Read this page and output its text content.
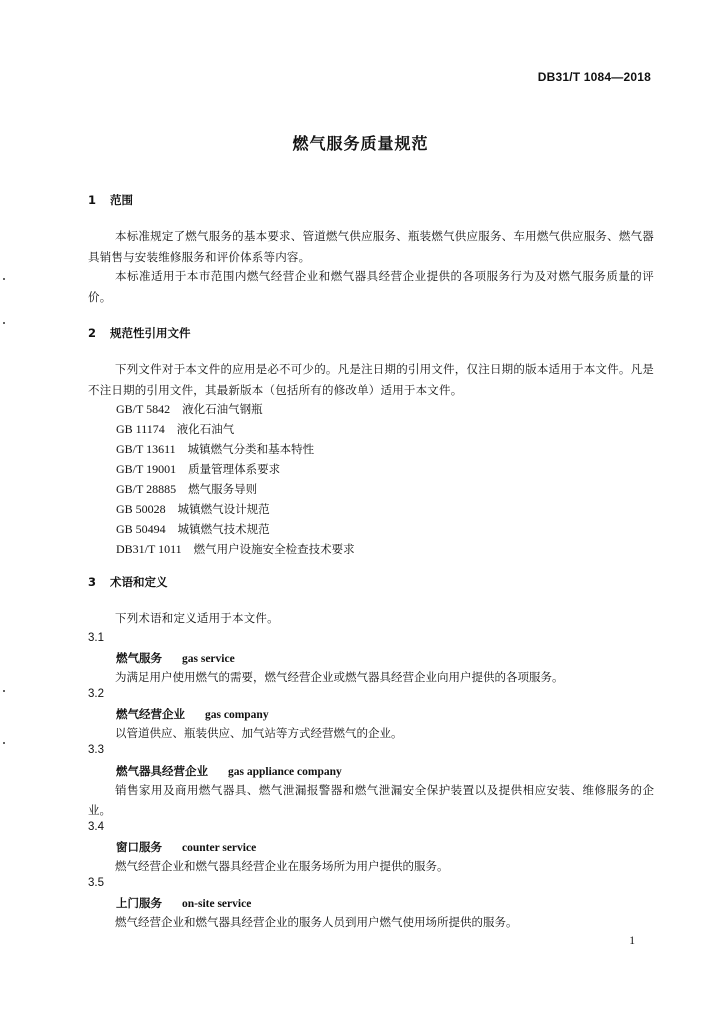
DB31/T 1084—2018
燃气服务质量规范
1 范围
本标准规定了燃气服务的基本要求、管道燃气供应服务、瓶装燃气供应服务、车用燃气供应服务、燃气器具销售与安装维修服务和评价体系等内容。
本标准适用于本市范围内燃气经营企业和燃气器具经营企业提供的各项服务行为及对燃气服务质量的评价。
2 规范性引用文件
下列文件对于本文件的应用是必不可少的。凡是注日期的引用文件，仅注日期的版本适用于本文件。凡是不注日期的引用文件，其最新版本（包括所有的修改单）适用于本文件。
GB/T 5842 液化石油气钢瓶
GB 11174 液化石油气
GB/T 13611 城镇燃气分类和基本特性
GB/T 19001 质量管理体系要求
GB/T 28885 燃气服务导则
GB 50028 城镇燃气设计规范
GB 50494 城镇燃气技术规范
DB31/T 1011 燃气用户设施安全检查技术要求
3 术语和定义
下列术语和定义适用于本文件。
3.1
燃气服务 gas service
为满足用户使用燃气的需要，燃气经营企业或燃气器具经营企业向用户提供的各项服务。
3.2
燃气经营企业 gas company
以管道供应、瓶装供应、加气站等方式经营燃气的企业。
3.3
燃气器具经营企业 gas appliance company
销售家用及商用燃气器具、燃气泄漏报警器和燃气泄漏安全保护装置以及提供相应安装、维修服务的企业。
3.4
窗口服务 counter service
燃气经营企业和燃气器具经营企业在服务场所为用户提供的服务。
3.5
上门服务 on-site service
燃气经营企业和燃气器具经营企业的服务人员到用户燃气使用场所提供的服务。
1
